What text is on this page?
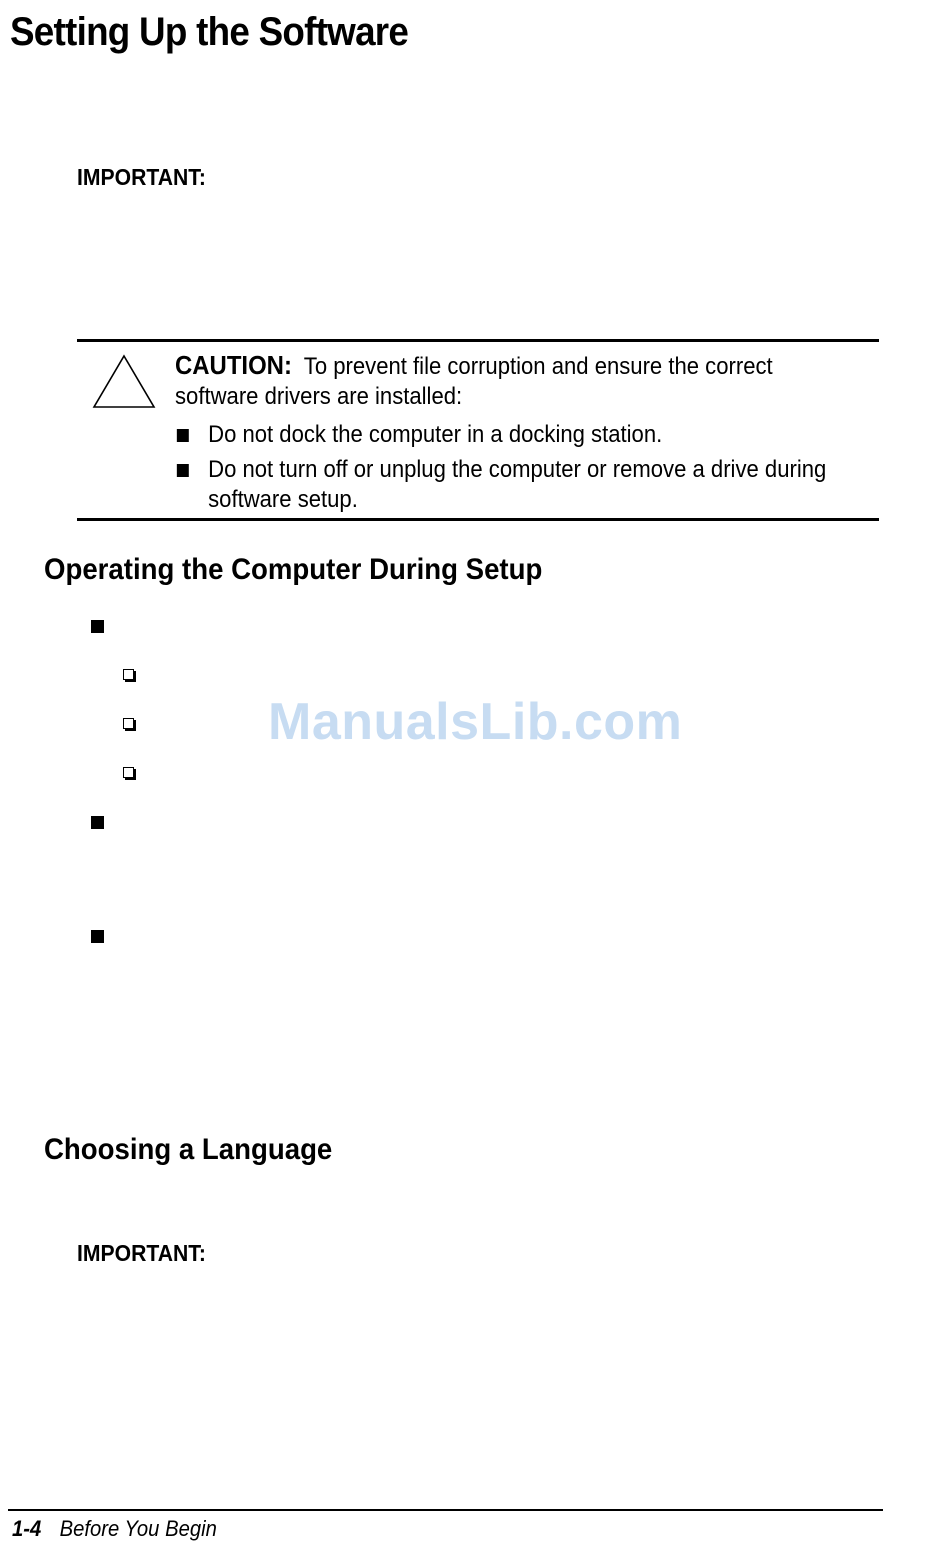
Setting Up the Software
IMPORTANT:
CAUTION: To prevent file corruption and ensure the correct
software drivers are installed:
Do not dock the computer in a docking station.
Do not turn off or unplug the computer or remove a drive during
software setup.
Operating the Computer During Setup
ManualsLib.com
Choosing a Language
IMPORTANT:
1-4 Before You Begin
